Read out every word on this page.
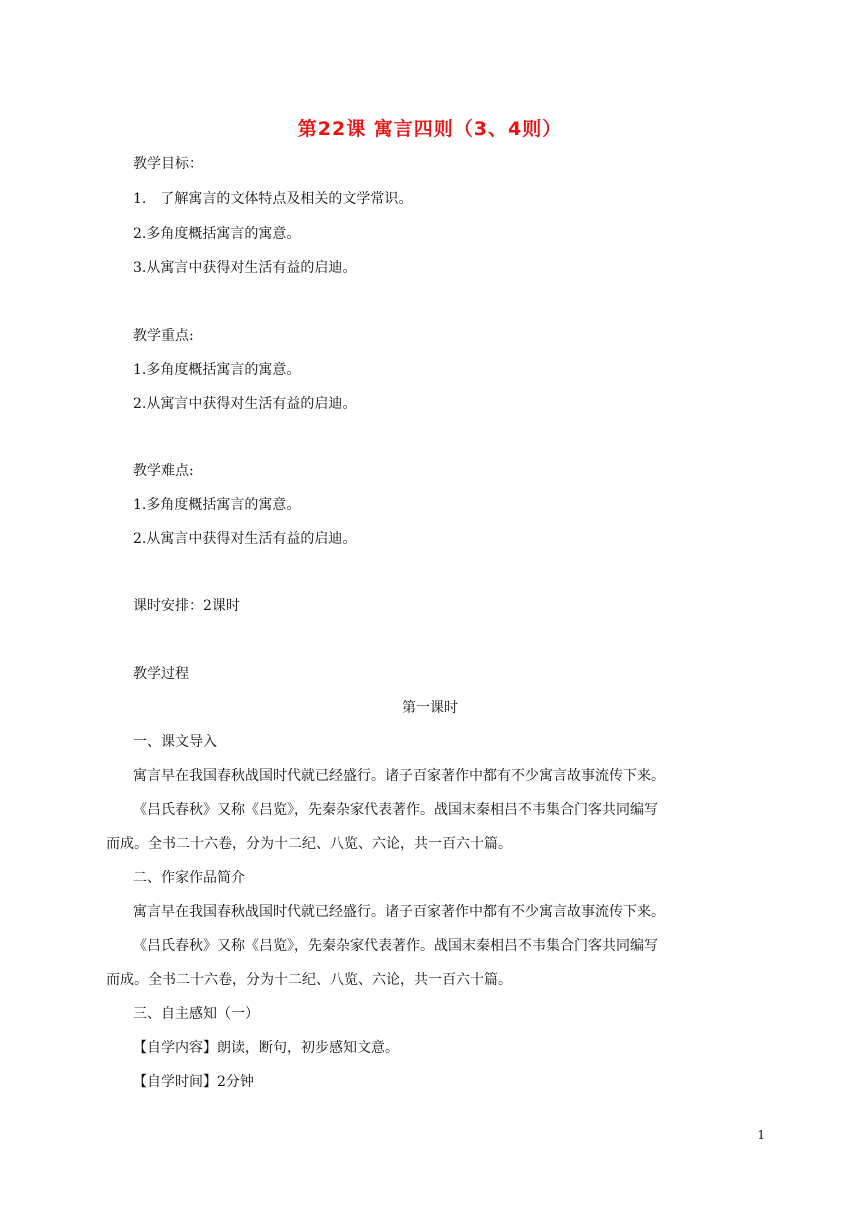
第22课 寓言四则（3、4则）
教学目标：
1.　了解寓言的文体特点及相关的文学常识。
2.多角度概括寓言的寓意。
3.从寓言中获得对生活有益的启迪。
教学重点:
1.多角度概括寓言的寓意。
2.从寓言中获得对生活有益的启迪。
教学难点:
1.多角度概括寓言的寓意。
2.从寓言中获得对生活有益的启迪。
课时安排：2课时
教学过程
第一课时
一、课文导入
寓言早在我国春秋战国时代就已经盛行。诸子百家著作中都有不少寓言故事流传下来。
《吕氏春秋》又称《吕览》，先秦杂家代表著作。战国末秦相吕不韦集合门客共同编写
而成。全书二十六卷，分为十二纪、八览、六论，共一百六十篇。
二、作家作品简介
寓言早在我国春秋战国时代就已经盛行。诸子百家著作中都有不少寓言故事流传下来。
《吕氏春秋》又称《吕览》，先秦杂家代表著作。战国末秦相吕不韦集合门客共同编写
而成。全书二十六卷，分为十二纪、八览、六论，共一百六十篇。
三、自主感知（一）
【自学内容】朗读，断句，初步感知文意。
【自学时间】2分钟
1
